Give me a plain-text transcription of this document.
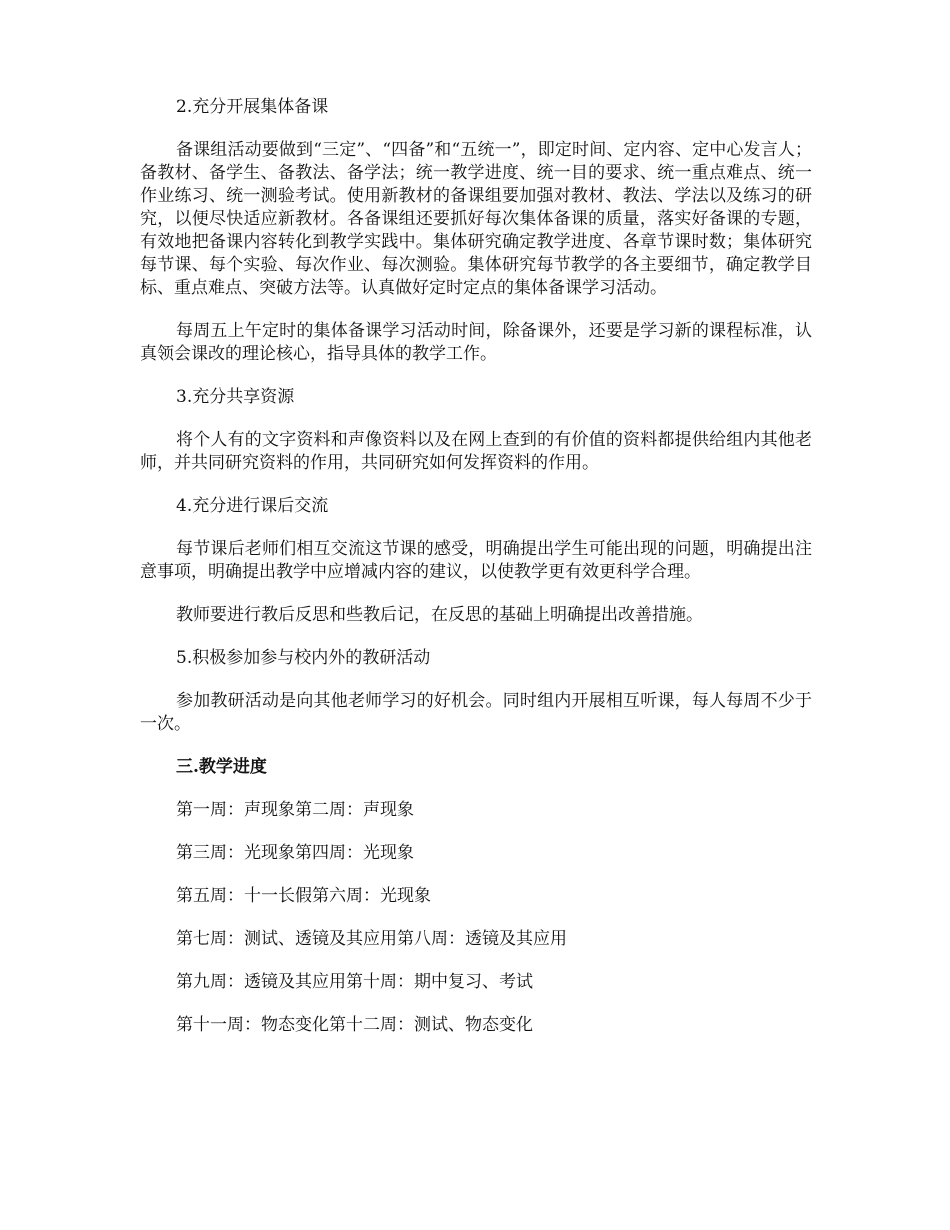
2.充分开展集体备课

备课组活动要做到“三定”、“四备”和“五统一”，即定时间、定内容、定中心发言人；备教材、备学生、备教法、备学法；统一教学进度、统一目的要求、统一重点难点、统一作业练习、统一测验考试。使用新教材的备课组要加强对教材、教法、学法以及练习的研究，以便尽快适应新教材。各备课组还要抓好每次集体备课的质量，落实好备课的专题，有效地把备课内容转化到教学实践中。集体研究确定教学进度、各章节课时数；集体研究每节课、每个实验、每次作业、每次测验。集体研究每节教学的各主要细节，确定教学目标、重点难点、突破方法等。认真做好定时定点的集体备课学习活动。

每周五上午定时的集体备课学习活动时间，除备课外，还要是学习新的课程标准，认真领会课改的理论核心，指导具体的教学工作。

3.充分共享资源

将个人有的文字资料和声像资料以及在网上查到的有价值的资料都提供给组内其他老师，并共同研究资料的作用，共同研究如何发挥资料的作用。

4.充分进行课后交流

每节课后老师们相互交流这节课的感受，明确提出学生可能出现的问题，明确提出注意事项，明确提出教学中应增减内容的建议，以使教学更有效更科学合理。

教师要进行教后反思和些教后记，在反思的基础上明确提出改善措施。

5.积极参加参与校内外的教研活动

参加教研活动是向其他老师学习的好机会。同时组内开展相互听课，每人每周不少于一次。

三.教学进度

第一周：声现象第二周：声现象

第三周：光现象第四周：光现象

第五周：十一长假第六周：光现象

第七周：测试、透镜及其应用第八周：透镜及其应用

第九周：透镜及其应用第十周：期中复习、考试

第十一周：物态变化第十二周：测试、物态变化
